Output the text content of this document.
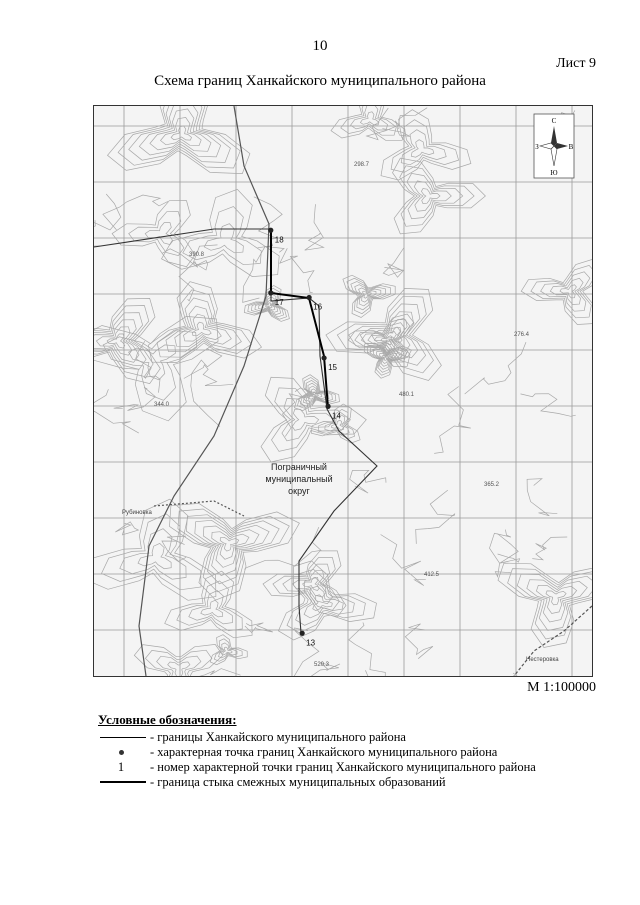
10
Лист 9
Схема границ Ханкайского муниципального района
520.3
480.1
412.5
390.8
365.2
344.0
298.7
276.4
Рубиновка
Нестеровка
Пограничный
муниципальный
округ
18
17
16
15
14
13
С
Ю
З	В
М 1:100000
Условные обозначения:
- границы Ханкайского муниципального района
- характерная точка границ Ханкайского муниципального района
1	- номер характерной точки границ Ханкайского муниципального района
- граница стыка смежных муниципальных образований
